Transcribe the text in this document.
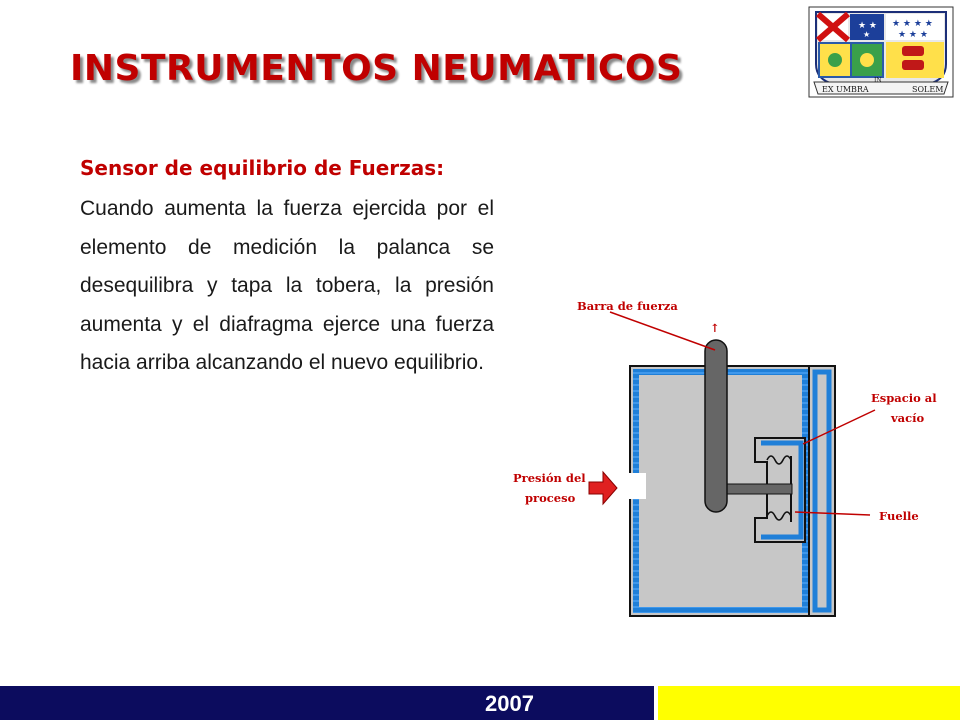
INSTRUMENTOS NEUMATICOS
★ ★
★
★ ★ ★ ★
★ ★ ★
EX UMBRA
IN
SOLEM

Sensor de equilibrio de Fuerzas:

Cuando aumenta la fuerza ejercida por el elemento de medición la palanca se desequilibra y tapa la tobera, la presión aumenta y el diafragma ejerce una fuerza hacia arriba alcanzando el nuevo equilibrio.

↑
Barra de fuerza
Espacio al
vacío
Presión del
proceso
Fuelle

2007
